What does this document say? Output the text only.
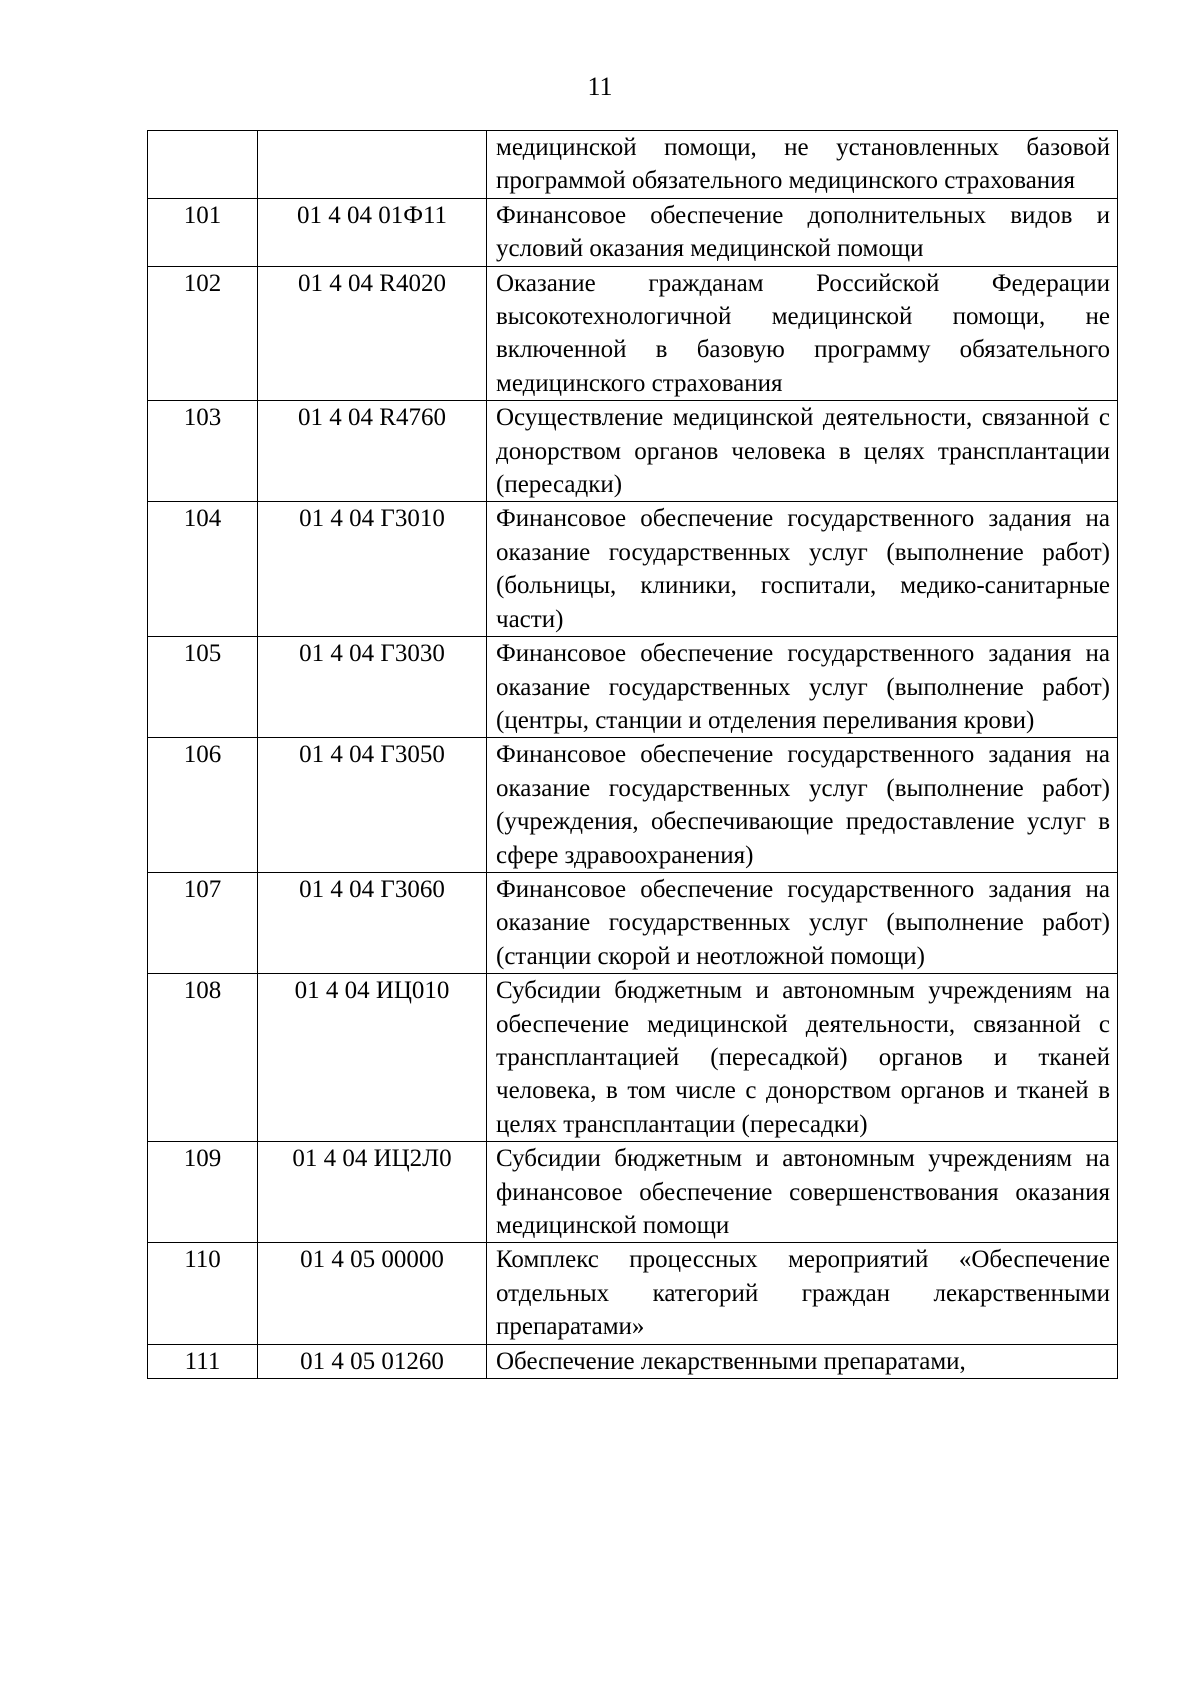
11
		медицинской помощи, не установленных базовой программой обязательного медицинского страхования
101	01 4 04 01Ф11	Финансовое обеспечение дополнительных видов и условий оказания медицинской помощи
102	01 4 04 R4020	Оказание гражданам Российской Федерации высокотехнологичной медицинской помощи, не включенной в базовую программу обязательного медицинского страхования
103	01 4 04 R4760	Осуществление медицинской деятельности, связанной с донорством органов человека в целях трансплантации (пересадки)
104	01 4 04 Г3010	Финансовое обеспечение государственного задания на оказание государственных услуг (выполнение работ) (больницы, клиники, госпитали, медико-санитарные части)
105	01 4 04 Г3030	Финансовое обеспечение государственного задания на оказание государственных услуг (выполнение работ) (центры, станции и отделения переливания крови)
106	01 4 04 Г3050	Финансовое обеспечение государственного задания на оказание государственных услуг (выполнение работ) (учреждения, обеспечивающие предоставление услуг в сфере здравоохранения)
107	01 4 04 Г3060	Финансовое обеспечение государственного задания на оказание государственных услуг (выполнение работ) (станции скорой и неотложной помощи)
108	01 4 04 ИЦ010	Субсидии бюджетным и автономным учреждениям на обеспечение медицинской деятельности, связанной с трансплантацией (пересадкой) органов и тканей человека, в том числе с донорством органов и тканей в целях трансплантации (пересадки)
109	01 4 04 ИЦ2Л0	Субсидии бюджетным и автономным учреждениям на финансовое обеспечение совершенствования оказания медицинской помощи
110	01 4 05 00000	Комплекс процессных мероприятий «Обеспечение отдельных категорий граждан лекарственными препаратами»
111	01 4 05 01260	Обеспечение лекарственными препаратами,
